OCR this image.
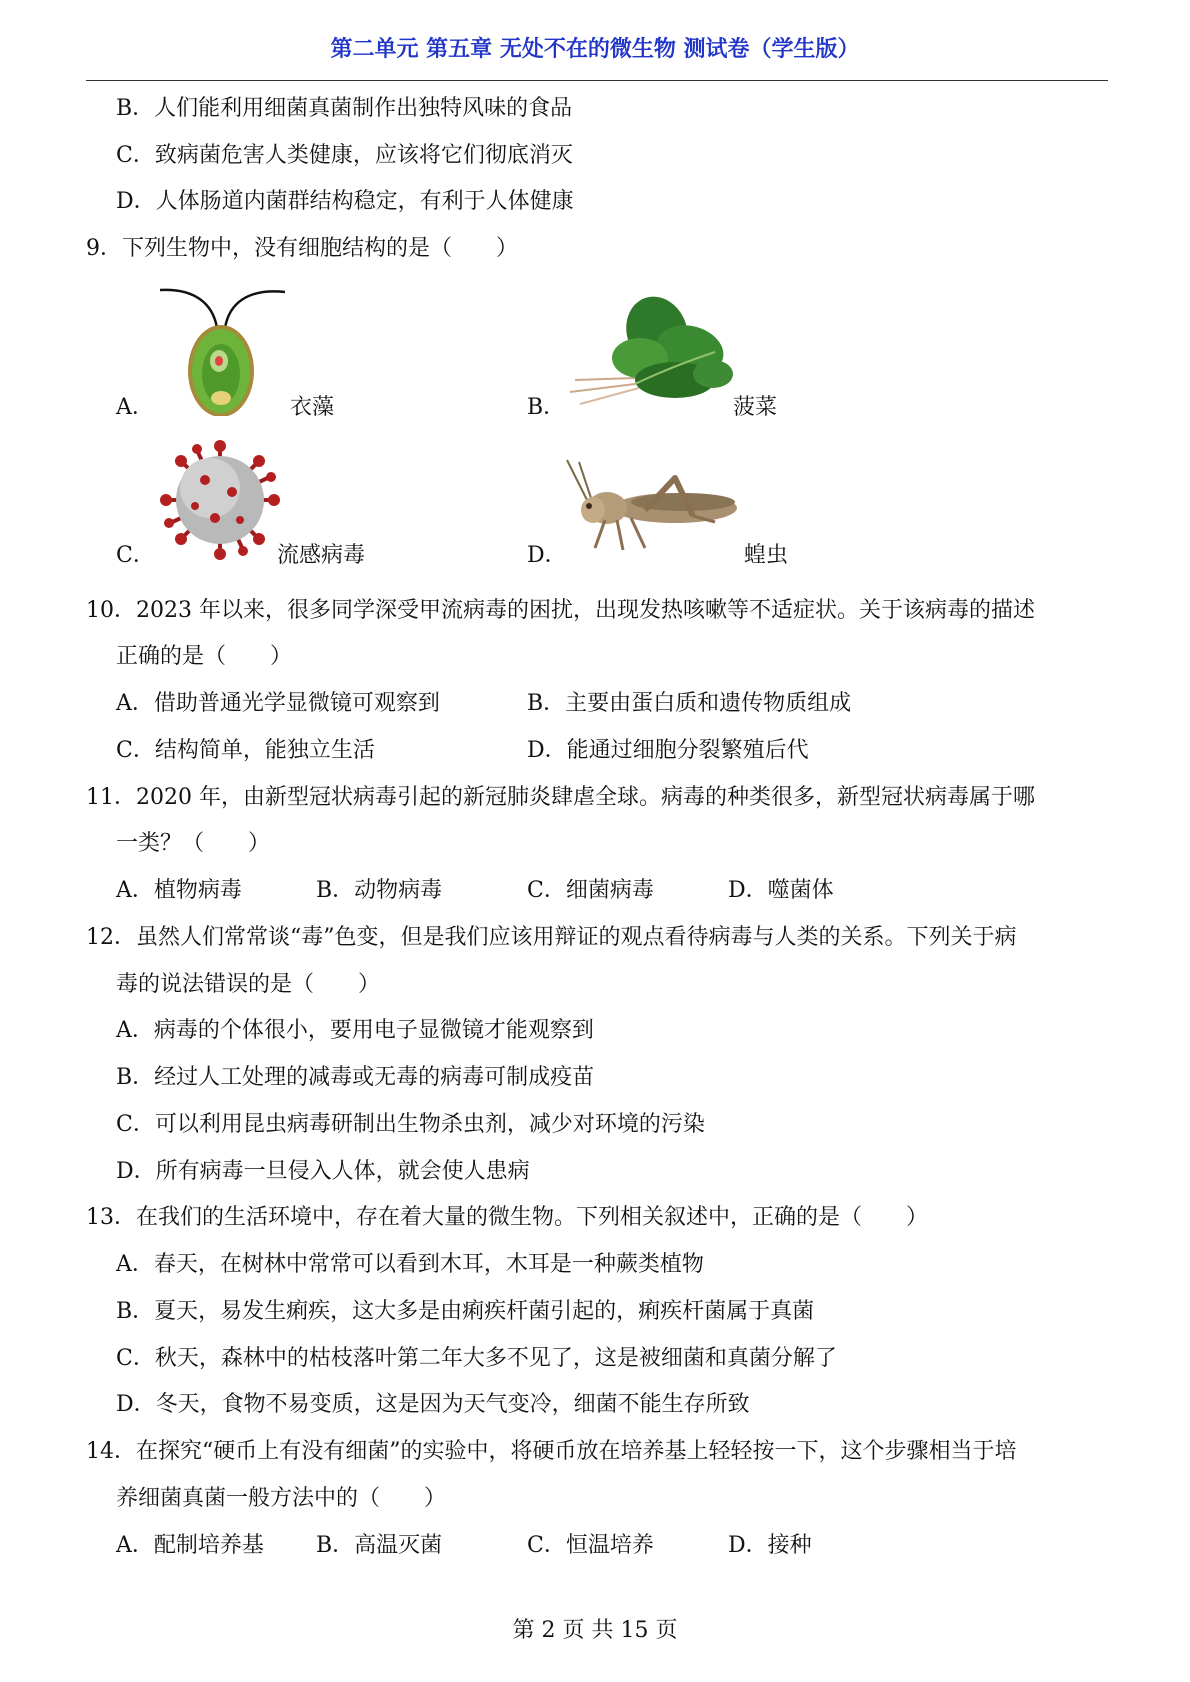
第二单元 第五章 无处不在的微生物 测试卷（学生版）
B．人们能利用细菌真菌制作出独特风味的食品
C．致病菌危害人类健康，应该将它们彻底消灭
D．人体肠道内菌群结构稳定，有利于人体健康
9．下列生物中，没有细胞结构的是（　　）
A．	衣藻	B．	菠菜
C．	流感病毒	D．	蝗虫
10．2023 年以来，很多同学深受甲流病毒的困扰，出现发热咳嗽等不适症状。关于该病毒的描述
正确的是（　　）
A．借助普通光学显微镜可观察到	B．主要由蛋白质和遗传物质组成
C．结构简单，能独立生活	D．能通过细胞分裂繁殖后代
11．2020 年，由新型冠状病毒引起的新冠肺炎肆虐全球。病毒的种类很多，新型冠状病毒属于哪
一类？（　　）
A．植物病毒	B．动物病毒	C．细菌病毒	D．噬菌体
12．虽然人们常常谈“毒”色变，但是我们应该用辩证的观点看待病毒与人类的关系。下列关于病
毒的说法错误的是（　　）
A．病毒的个体很小，要用电子显微镜才能观察到
B．经过人工处理的减毒或无毒的病毒可制成疫苗
C．可以利用昆虫病毒研制出生物杀虫剂，减少对环境的污染
D．所有病毒一旦侵入人体，就会使人患病
13．在我们的生活环境中，存在着大量的微生物。下列相关叙述中，正确的是（　　）
A．春天，在树林中常常可以看到木耳，木耳是一种蕨类植物
B．夏天，易发生痢疾，这大多是由痢疾杆菌引起的，痢疾杆菌属于真菌
C．秋天，森林中的枯枝落叶第二年大多不见了，这是被细菌和真菌分解了
D．冬天，食物不易变质，这是因为天气变冷，细菌不能生存所致
14．在探究“硬币上有没有细菌”的实验中，将硬币放在培养基上轻轻按一下，这个步骤相当于培
养细菌真菌一般方法中的（　　）
A．配制培养基 B．高温灭菌	C．恒温培养	D．接种
第 2 页 共 15 页
